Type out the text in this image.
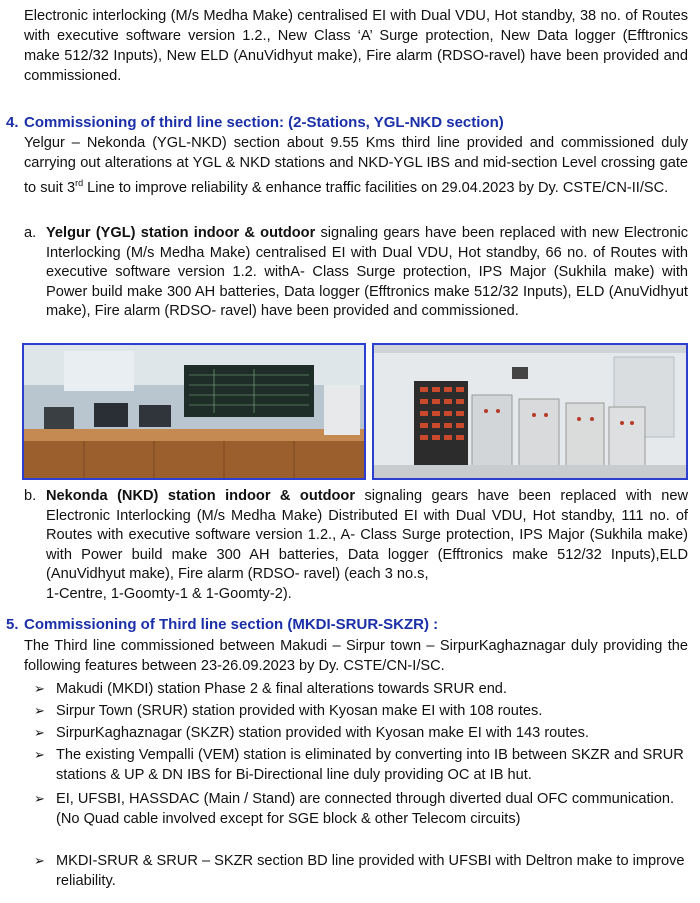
Electronic interlocking (M/s Medha Make) centralised EI with Dual VDU, Hot standby, 38 no. of Routes with executive software version 1.2., New Class ‘A’ Surge protection, New Data logger (Efftronics make 512/32 Inputs), New ELD (AnuVidhyut make), Fire alarm (RDSO-ravel) have been provided and commissioned.
4. Commissioning of third line section: (2-Stations, YGL-NKD section)
Yelgur – Nekonda (YGL-NKD) section about 9.55 Kms third line provided and commissioned duly carrying out alterations at YGL & NKD stations and NKD-YGL IBS and mid-section Level crossing gate to suit 3rd Line to improve reliability & enhance traffic facilities on 29.04.2023 by Dy. CSTE/CN-II/SC.
a. Yelgur (YGL) station indoor & outdoor signaling gears have been replaced with new Electronic Interlocking (M/s Medha Make) centralised EI with Dual VDU, Hot standby, 66 no. of Routes with executive software version 1.2. withA- Class Surge protection, IPS Major (Sukhila make) with Power build make 300 AH batteries, Data logger (Efftronics make 512/32 Inputs), ELD (AnuVidhyut make), Fire alarm (RDSO- ravel) have been provided and commissioned.
b. Nekonda (NKD) station indoor & outdoor signaling gears have been replaced with new Electronic Interlocking (M/s Medha Make) Distributed EI with Dual VDU, Hot standby, 111 no. of Routes with executive software version 1.2., A- Class Surge protection, IPS Major (Sukhila make) with Power build make 300 AH batteries, Data logger (Efftronics make 512/32 Inputs),ELD (AnuVidhyut make), Fire alarm (RDSO- ravel) (each 3 no.s,
1-Centre, 1-Goomty-1 & 1-Goomty-2).
5. Commissioning of Third line section (MKDI-SRUR-SKZR) :
The Third line commissioned between Makudi – Sirpur town – SirpurKaghaznagar duly providing the following features between 23-26.09.2023 by Dy. CSTE/CN-I/SC.
➢ Makudi (MKDI) station Phase 2 & final alterations towards SRUR end.
➢ Sirpur Town (SRUR) station provided with Kyosan make EI with 108 routes.
➢ SirpurKaghaznagar (SKZR) station provided with Kyosan make EI with 143 routes.
➢ The existing Vempalli (VEM) station is eliminated by converting into IB between SKZR and SRUR stations & UP & DN IBS for Bi-Directional line duly providing OC at IB hut.
➢ EI, UFSBI, HASSDAC (Main / Stand) are connected through diverted dual OFC communication. (No Quad cable involved except for SGE block & other Telecom circuits)
➢ MKDI-SRUR & SRUR – SKZR section BD line provided with UFSBI with Deltron make to improve reliability.
